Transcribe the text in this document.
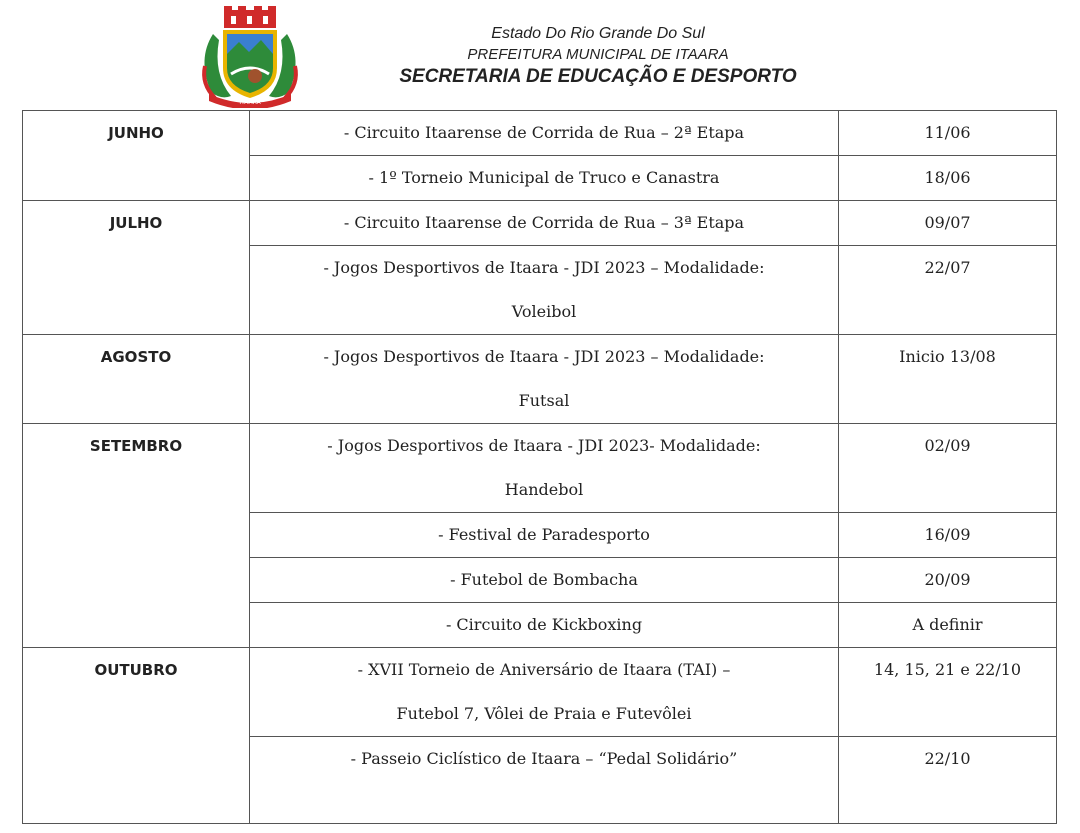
ITAARA
Estado Do Rio Grande Do Sul
PREFEITURA MUNICIPAL DE ITAARA
SECRETARIA DE EDUCAÇÃO E DESPORTO
JUNHO	- Circuito Itaarense de Corrida de Rua – 2ª Etapa	11/06
	- 1º Torneio Municipal de Truco e Canastra	18/06
JULHO	- Circuito Itaarense de Corrida de Rua – 3ª Etapa	09/07

	- Jogos Desportivos de Itaara - JDI 2023 – Modalidade:
Voleibol	22/07
AGOSTO	- Jogos Desportivos de Itaara - JDI 2023 – Modalidade:
Futsal	Inicio 13/08
SETEMBRO	- Jogos Desportivos de Itaara - JDI 2023- Modalidade:
Handebol	02/09
	- Festival de Paradesporto	16/09
	- Futebol de Bombacha	20/09
	- Circuito de Kickboxing	A definir
OUTUBRO	- XVII Torneio de Aniversário de Itaara (TAI) –
Futebol 7, Vôlei de Praia e Futevôlei	14, 15, 21 e 22/10
	- Passeio Ciclístico de Itaara – “Pedal Solidário”	22/10
